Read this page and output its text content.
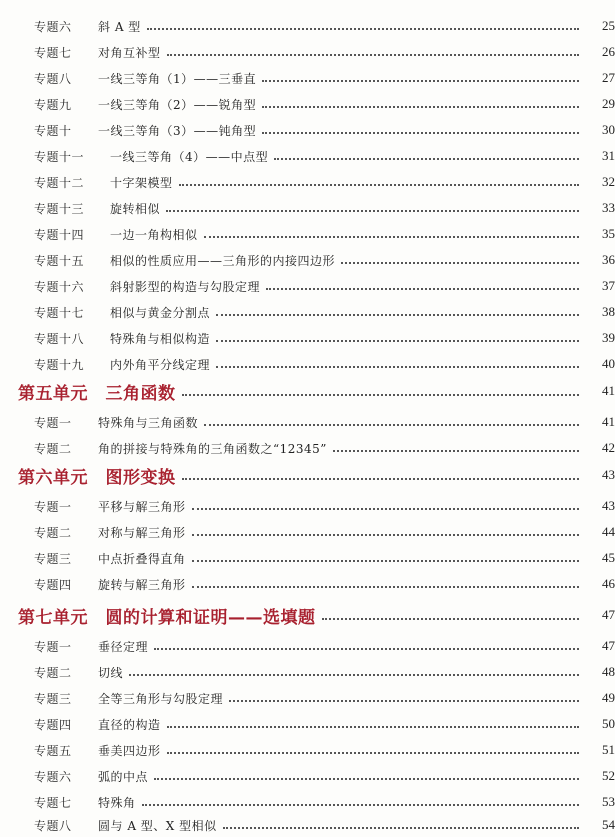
专题六 斜 A 型	25
专题七 对角互补型	26
专题八 一线三等角（1）——三垂直	27
专题九 一线三等角（2）——锐角型	29
专题十 一线三等角（3）——钝角型	30
专题十一 一线三等角（4）——中点型	31
专题十二 十字架模型	32
专题十三 旋转相似	33
专题十四 一边一角构相似	35
专题十五 相似的性质应用——三角形的内接四边形	36
专题十六 斜射影型的构造与勾股定理	37
专题十七 相似与黄金分割点	38
专题十八 特殊角与相似构造	39
专题十九 内外角平分线定理	40
第五单元　三角函数	41
专题一 特殊角与三角函数	41
专题二 角的拼接与特殊角的三角函数之“12345”	42
第六单元　图形变换	43
专题一 平移与解三角形	43
专题二 对称与解三角形	44
专题三 中点折叠得直角	45
专题四 旋转与解三角形	46
第七单元　圆的计算和证明——选填题	47
专题一 垂径定理	47
专题二 切线	48
专题三 全等三角形与勾股定理	49
专题四 直径的构造	50
专题五 垂美四边形	51
专题六 弧的中点	52
专题七 特殊角	53
专题八 圆与 A 型、X 型相似	54
